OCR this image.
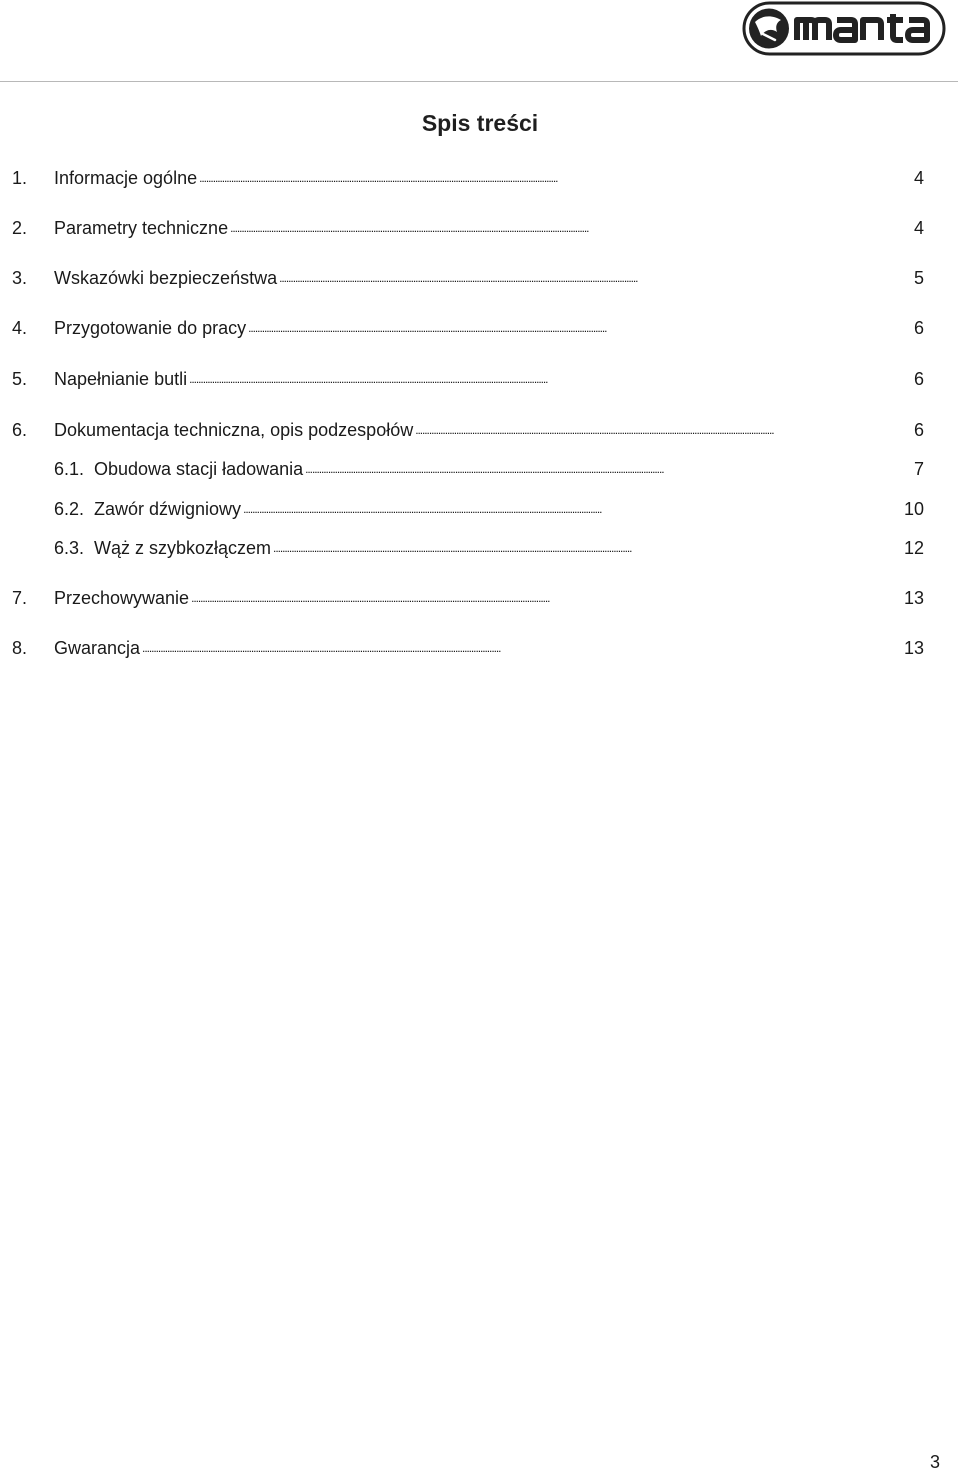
Spis treści
1.	Informacje ogólne . . .	4
2.	Parametry techniczne . . .	4
3.	Wskazówki bezpieczeństwa . . .	5
4.	Przygotowanie do pracy . . .	6
5.	Napełnianie butli . . .	6
6.	Dokumentacja techniczna, opis podzespołów . . .	6
6.1. Obudowa stacji ładowania . . .	7
6.2. Zawór dźwigniowy . . .	10
6.3. Wąż z szybkozłączem . . .	12
7.	Przechowywanie . . .	13
8.	Gwarancja . . .	13
3
